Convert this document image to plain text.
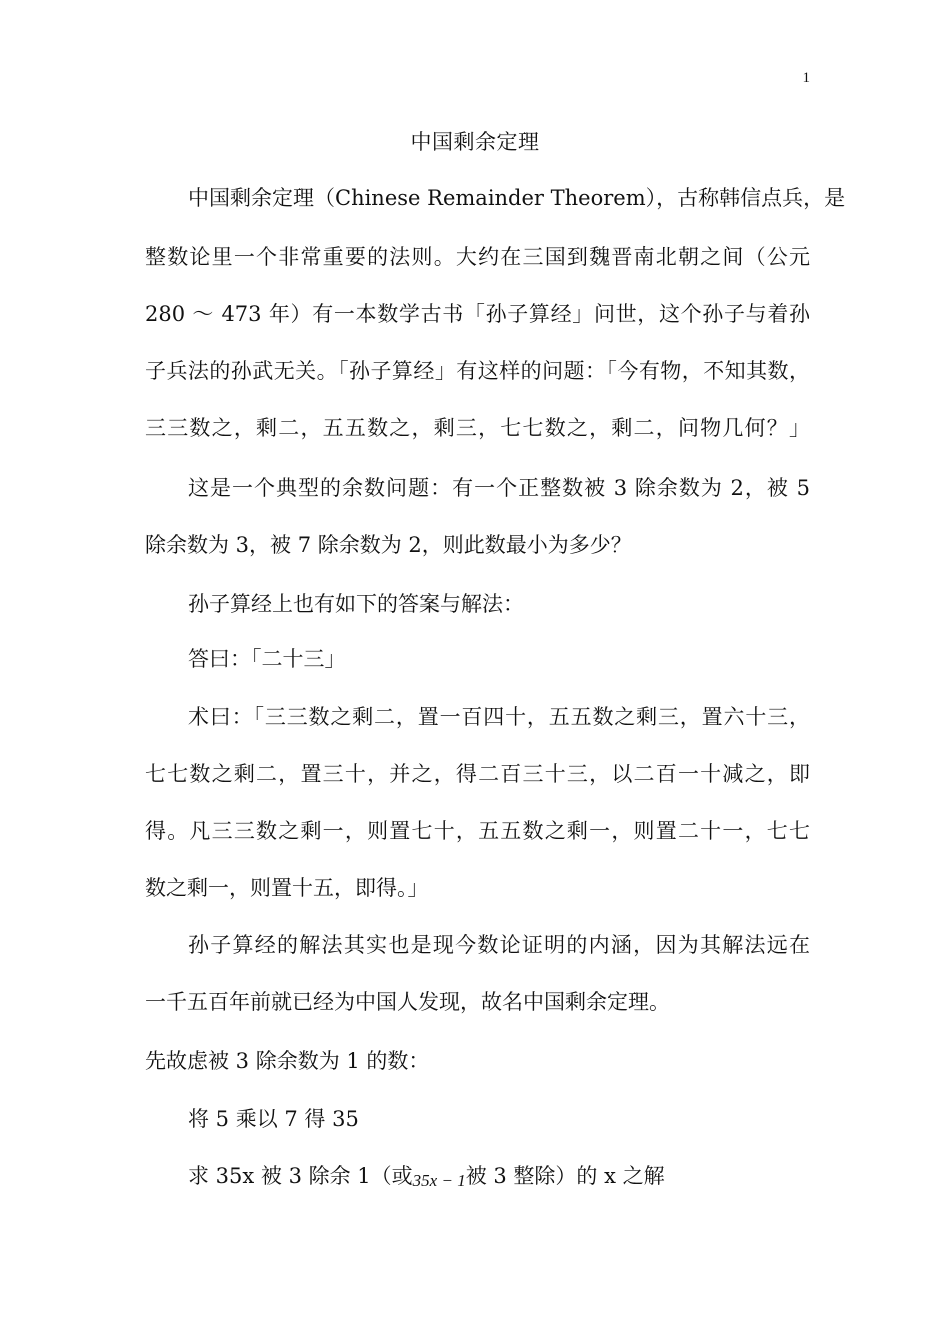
1
中国剩余定理
中国剩余定理（Chinese Remainder Theorem），古称韩信点兵，是
整数论里一个非常重要的法则。大约在三国到魏晋南北朝之间（公元
280 ～ 473 年）有一本数学古书「孙子算经」问世，这个孙子与着孙
子兵法的孙武无关。「孙子算经」有这样的问题：「今有物，不知其数，
三三数之，剩二，五五数之，剩三，七七数之，剩二，问物几何？」
这是一个典型的余数问题：有一个正整数被 3 除余数为 2，被 5
除余数为 3，被 7 除余数为 2，则此数最小为多少？
孙子算经上也有如下的答案与解法：
答曰：「二十三」
术曰：「三三数之剩二，置一百四十，五五数之剩三，置六十三，
七七数之剩二，置三十，并之，得二百三十三，以二百一十减之，即
得。凡三三数之剩一，则置七十，五五数之剩一，则置二十一，七七
数之剩一，则置十五，即得。」
孙子算经的解法其实也是现今数论证明的内涵，因为其解法远在
一千五百年前就已经为中国人发现，故名中国剩余定理。
先故虑被 3 除余数为 1 的数：
将 5 乘以 7 得 35
求 35x 被 3 除余 1（或35x − 1被 3 整除）的 x 之解
